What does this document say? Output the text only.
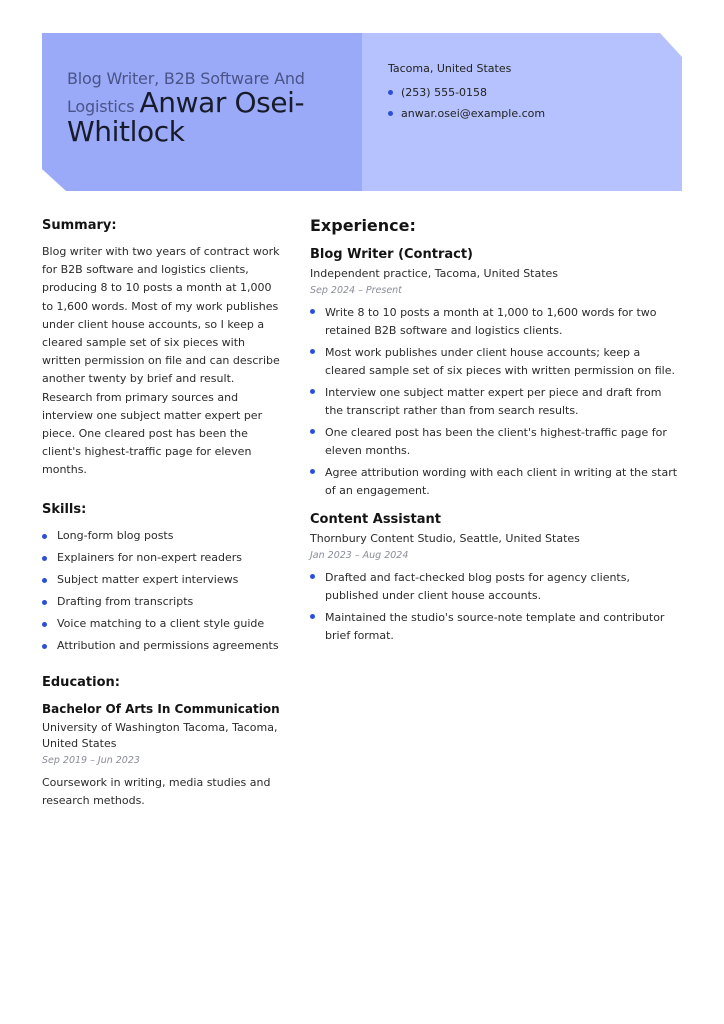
Blog Writer, B2B Software And Logistics Anwar Osei-Whitlock
Tacoma, United States
(253) 555-0158
anwar.osei@example.com
Summary:
Blog writer with two years of contract work for B2B software and logistics clients, producing 8 to 10 posts a month at 1,000 to 1,600 words. Most of my work publishes under client house accounts, so I keep a cleared sample set of six pieces with written permission on file and can describe another twenty by brief and result. Research from primary sources and interview one subject matter expert per piece. One cleared post has been the client's highest-traffic page for eleven months.
Skills:
Long-form blog posts
Explainers for non-expert readers
Subject matter expert interviews
Drafting from transcripts
Voice matching to a client style guide
Attribution and permissions agreements
Education:
Bachelor Of Arts In Communication
University of Washington Tacoma, Tacoma, United States
Sep 2019 – Jun 2023
Coursework in writing, media studies and research methods.
Experience:
Blog Writer (Contract)
Independent practice, Tacoma, United States
Sep 2024 – Present
Write 8 to 10 posts a month at 1,000 to 1,600 words for two retained B2B software and logistics clients.
Most work publishes under client house accounts; keep a cleared sample set of six pieces with written permission on file.
Interview one subject matter expert per piece and draft from the transcript rather than from search results.
One cleared post has been the client's highest-traffic page for eleven months.
Agree attribution wording with each client in writing at the start of an engagement.
Content Assistant
Thornbury Content Studio, Seattle, United States
Jan 2023 – Aug 2024
Drafted and fact-checked blog posts for agency clients, published under client house accounts.
Maintained the studio's source-note template and contributor brief format.
